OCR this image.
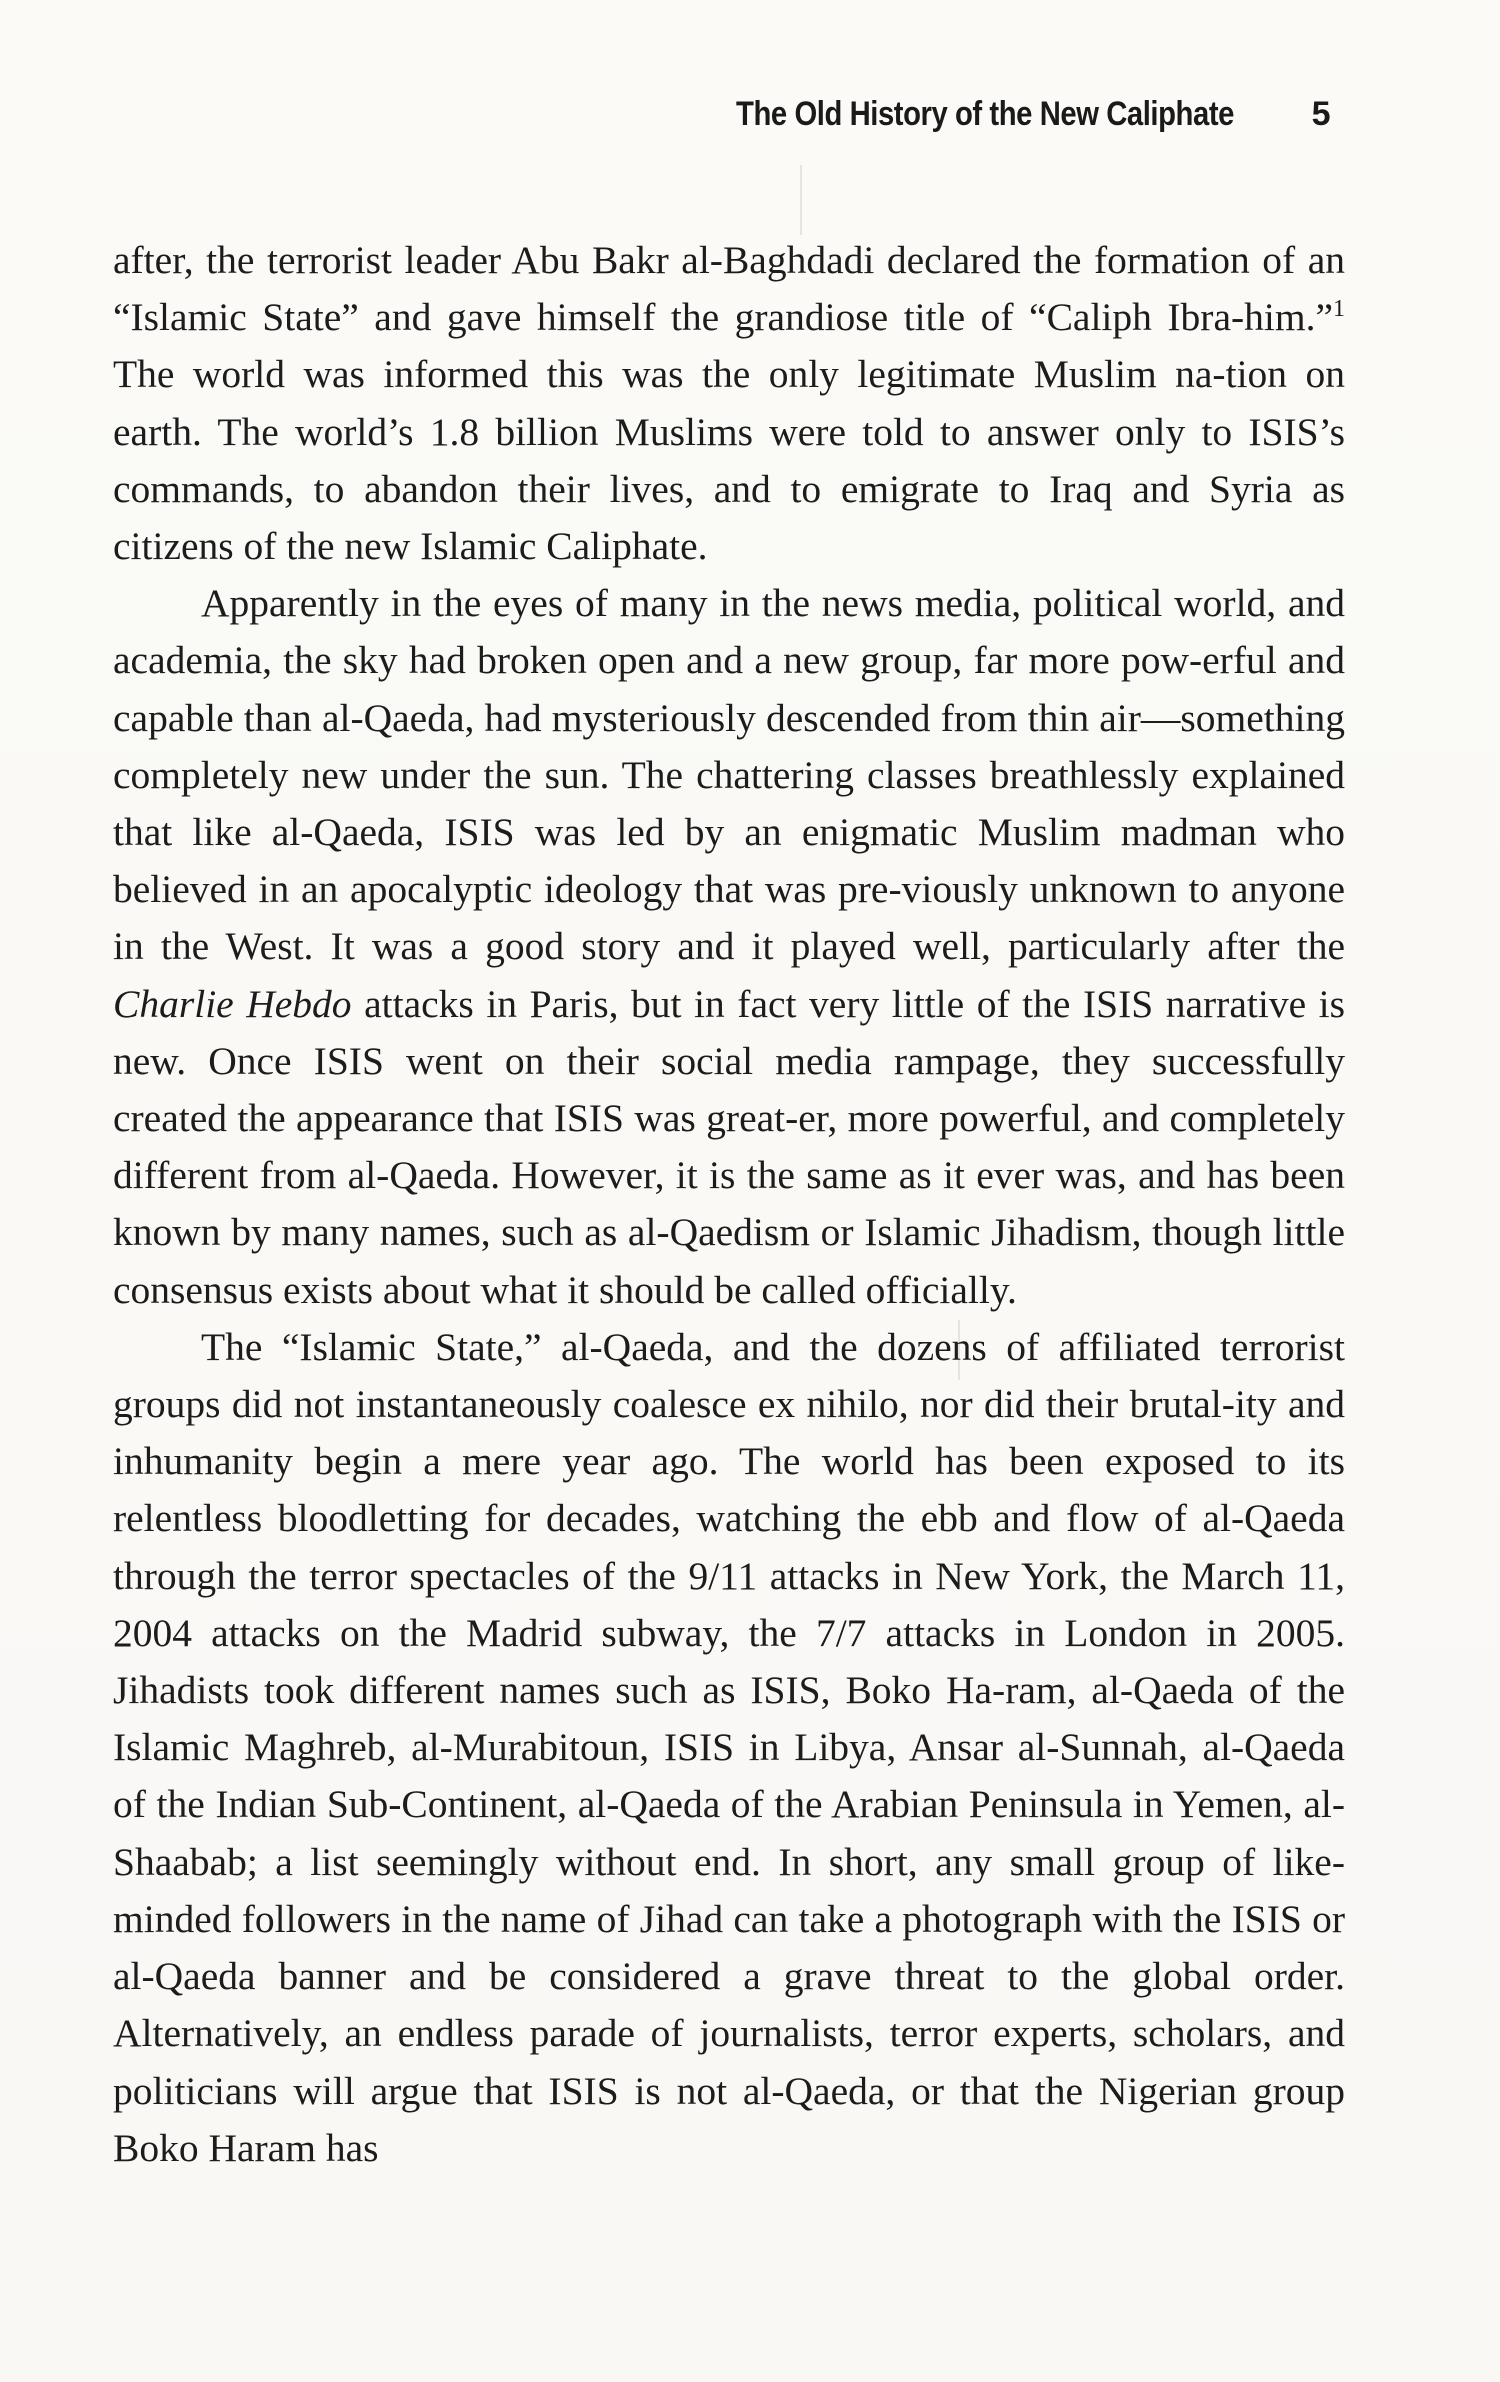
The Old History of the New Caliphate 5

after, the terrorist leader Abu Bakr al-Baghdadi declared the formation of an “Islamic State” and gave himself the grandiose title of “Caliph Ibra-him.”$^1$ The world was informed this was the only legitimate Muslim na-tion on earth. The world’s 1.8 billion Muslims were told to answer only to ISIS’s commands, to abandon their lives, and to emigrate to Iraq and Syria as citizens of the new Islamic Caliphate.

Apparently in the eyes of many in the news media, political world, and academia, the sky had broken open and a new group, far more pow-erful and capable than al-Qaeda, had mysteriously descended from thin air—something completely new under the sun. The chattering classes breathlessly explained that like al-Qaeda, ISIS was led by an enigmatic Muslim madman who believed in an apocalyptic ideology that was pre-viously unknown to anyone in the West. It was a good story and it played well, particularly after the Charlie Hebdo attacks in Paris, but in fact very little of the ISIS narrative is new. Once ISIS went on their social media rampage, they successfully created the appearance that ISIS was great-er, more powerful, and completely different from al-Qaeda. However, it is the same as it ever was, and has been known by many names, such as al-Qaedism or Islamic Jihadism, though little consensus exists about what it should be called officially.

The “Islamic State,” al-Qaeda, and the dozens of affiliated terrorist groups did not instantaneously coalesce ex nihilo, nor did their brutal-ity and inhumanity begin a mere year ago. The world has been exposed to its relentless bloodletting for decades, watching the ebb and flow of al-Qaeda through the terror spectacles of the 9/11 attacks in New York, the March 11, 2004 attacks on the Madrid subway, the 7/7 attacks in London in 2005. Jihadists took different names such as ISIS, Boko Ha-ram, al-Qaeda of the Islamic Maghreb, al-Murabitoun, ISIS in Libya, Ansar al-Sunnah, al-Qaeda of the Indian Sub-Continent, al-Qaeda of the Arabian Peninsula in Yemen, al-Shaabab; a list seemingly without end. In short, any small group of like-minded followers in the name of Jihad can take a photograph with the ISIS or al-Qaeda banner and be considered a grave threat to the global order. Alternatively, an endless parade of journalists, terror experts, scholars, and politicians will argue that ISIS is not al-Qaeda, or that the Nigerian group Boko Haram has
